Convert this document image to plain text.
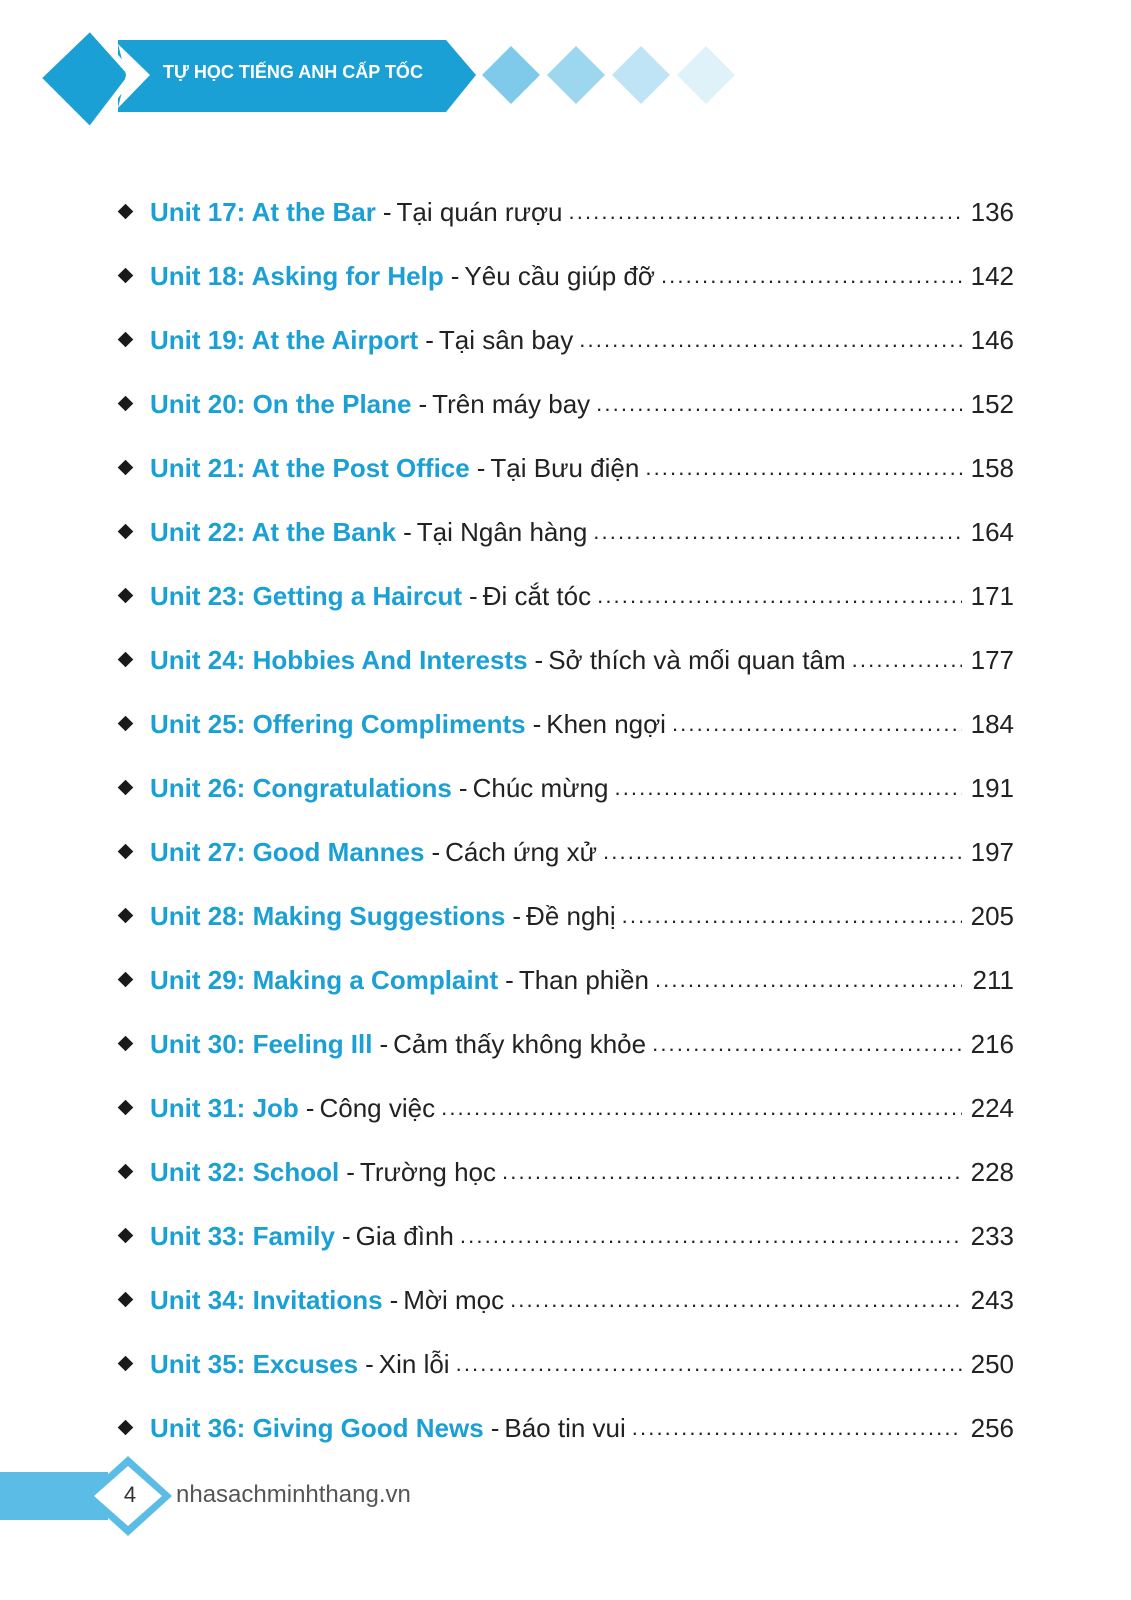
TỰ HỌC TIẾNG ANH CẤP TỐC
Unit 17: At the Bar - Tại quán rượu . . .	136
Unit 18: Asking for Help - Yêu cầu giúp đỡ . . .	142
Unit 19: At the Airport - Tại sân bay . . .	146
Unit 20: On the Plane - Trên máy bay . . .	152
Unit 21: At the Post Office - Tại Bưu điện . . .	158
Unit 22: At the Bank - Tại Ngân hàng . . .	164
Unit 23: Getting a Haircut - Đi cắt tóc . . .	171
Unit 24: Hobbies And Interests - Sở thích và mối quan tâm . . .	177
Unit 25: Offering Compliments - Khen ngợi . . .	184
Unit 26: Congratulations - Chúc mừng . . .	191
Unit 27: Good Mannes - Cách ứng xử . . .	197
Unit 28: Making Suggestions - Đề nghị . . .	205
Unit 29: Making a Complaint - Than phiền . . .	211
Unit 30: Feeling Ill - Cảm thấy không khỏe . . .	216
Unit 31: Job - Công việc . . .	224
Unit 32: School - Trường học . . .	228
Unit 33: Family - Gia đình . . .	233
Unit 34: Invitations - Mời mọc . . .	243
Unit 35: Excuses - Xin lỗi . . .	250
Unit 36: Giving Good News - Báo tin vui . . .	256
4 nhasachminhthang.vn
